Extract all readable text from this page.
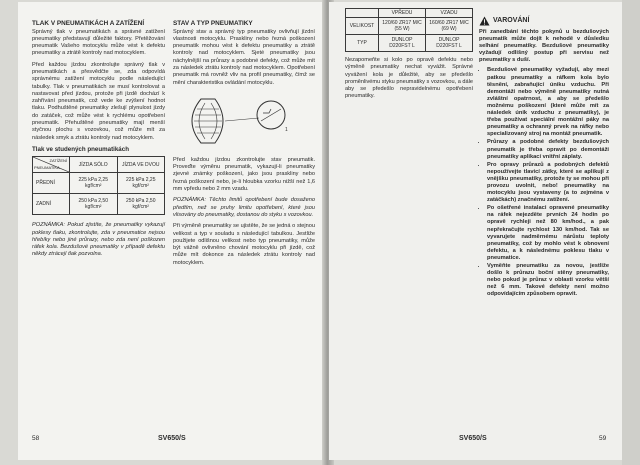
TLAK V PNEUMATIKÁCH A ZATÍŽENÍ

Správný tlak v pneumatikách a správné zatížení pneumatiky představují důležité faktory. Přetěžování pneumatik Vašeho motocyklu může vést k defektu pneumatiky a ztrátě kontroly nad motocyklem.

Před každou jízdou zkontrolujte správný tlak v pneumatikách a přesvědčte se, zda odpovídá správnému zatížení motocyklu podle následující tabulky. Tlak v pneumatikách se musí kontrolovat a nastavovat před jízdou, protože při jízdě dochází k zahřívání pneumatik, což vede ke zvýšení hodnot tlaku. Podhuštěné pneumatiky zlešují plynulost jízdy do zatáček, což může vést k rychlému opotřebení pneumatik. Přehuštěné pneumatiky mají menší styčnou plochu s vozovkou, což může mít za následek smyk a ztrátu kontroly nad motocyklem.

Tlak ve studených pneumatikách
ZATÍŽENÍ
PNEUMATIKA	JÍZDA SÓLO	JÍZDA VE DVOU
PŘEDNÍ	225 kPa 2,25 kgf/cm²	225 kPa 2,25 kgf/cm²
ZADNÍ	250 kPa 2,50 kgf/cm²	250 kPa 2,50 kgf/cm²

POZNÁMKA: Pokud zjistíte, že pneumatiky vykazují poklesy tlaku, zkontrolujte, zda v pneumatice nejsou hřebíky nebo jiné průrazy, nebo zda není poškozen ráfek kola. Bezdušové pneumatiky v případě defektu někdy ztrácejí tlak pozvolna.

STAV A TYP PNEUMATIKY

Správný stav a správný typ pneumatiky ovlivňují jízdní vlastnosti motocyklu. Praskliny nebo řezná poškození pneumatik mohou vést k defektu pneumatiky a ztrátě kontroly nad motocyklem. Sjeté pneumatiky jsou náchylnější na průrazy a podobné defekty, což může mít za následek ztrátu kontroly nad motocyklem. Opotřebení pneumatik má rovněž vliv na profil pneumatiky, čímž se mění charakteristika ovládání motocyklu.

1

Před každou jízdou zkontrolujte stav pneumatik. Proveďte výměnu pneumatik, vykazují-li pneumatiky zjevné známky poškození, jako jsou praskliny nebo řezná poškození nebo, je-li hloubka vzorku nižší než 1,6 mm vpředu nebo 2 mm vzadu.

POZNÁMKA: Těchto limitů opotřebení bude dosaženo předtím, než se pruhy limitu opotřebení, které jsou vlisovány do pneumatiky, dostanou do styku s vozovkou.

Při výměně pneumatiky se ujistěte, že se jedná o stejnou velikost a typ v souladu s následující tabulkou. Jestliže použijete odlišnou velikost nebo typ pneumatiky, může být vážně ovlivněno chování motocyklu při jízdě, což může mít dokonce za následek ztrátu kontroly nad motocyklem.

58	SV650/S
	VPŘEDU	VZADU
VELIKOST	120/60 ZR17 M/C (55 W)	160/60 ZR17 M/C (69 W)
TYP	DUNLOP D220FST L	DUNLOP D220FST L

Nezapomeňte si kolo po opravě defektu nebo výměně pneumatiky nechat vyvážit. Správné vyvážení kola je důležité, aby se předešlo proměnlivému styku pneumatiky s vozovkou, a dále aby se předešlo nepravidelnému opotřebení pneumatiky.

VAROVÁNÍ

Při zanedbání těchto pokynů u bezdušových pneumatik může dojít k nehodě v důsledku selhání pneumatiky. Bezdušové pneumatiky vyžadují odlišný postup při servisu než pneumatiky s duší.

• Bezdušové pneumatiky vyžadují, aby mezi patkou pneumatiky a ráfkem kola bylo těsnění, zabraňující úniku vzduchu. Při demontáži nebo výměně pneumatiky nutná zvláštní opatrnost, a aby se předešlo možnému poškození (které může mít za následek únik vzduchu z pneumatiky), je třeba používat speciální montážní páky na pneumatiky a ochranný prvek na ráfky nebo specializovaný stroj na montáž pneumatik.
• Průrazy a podobné defekty bezdušových pneumatik je třeba opravit po demontáži pneumatiky aplikací vnitřní záplaty.
• Pro opravy průrazů a podobných defektů nepoužívejte tlavicí zátky, které se aplikují z vnějšku pneumatiky, protože ty se mohou při provozu uvolnit, nebo! pneumatiky na motocyklu jsou vystaveny (a to zejména v zatáčkách) značnému zatížení.
• Po ošetřené instalaci opravené pneumatiky na ráfek nejezděte prvních 24 hodin po opravě rychleji než 80 km/hod., a pak nepřekračujte rychlost 130 km/hod. Tak se vyvarujete nadměrnému nárůstu teploty pneumatiky, což by mohlo vést k obnovení defektu, a k následnému poklesu tlaku v pneumatice.
• Vyměňte pneumatiku za novou, jestliže došlo k průrazu boční stěny pneumatiky, nebo pokud je průraz v oblasti vzorku větší než 6 mm. Takové defekty není možno odpovídajícím způsobem opravit.
SV650/S	59
